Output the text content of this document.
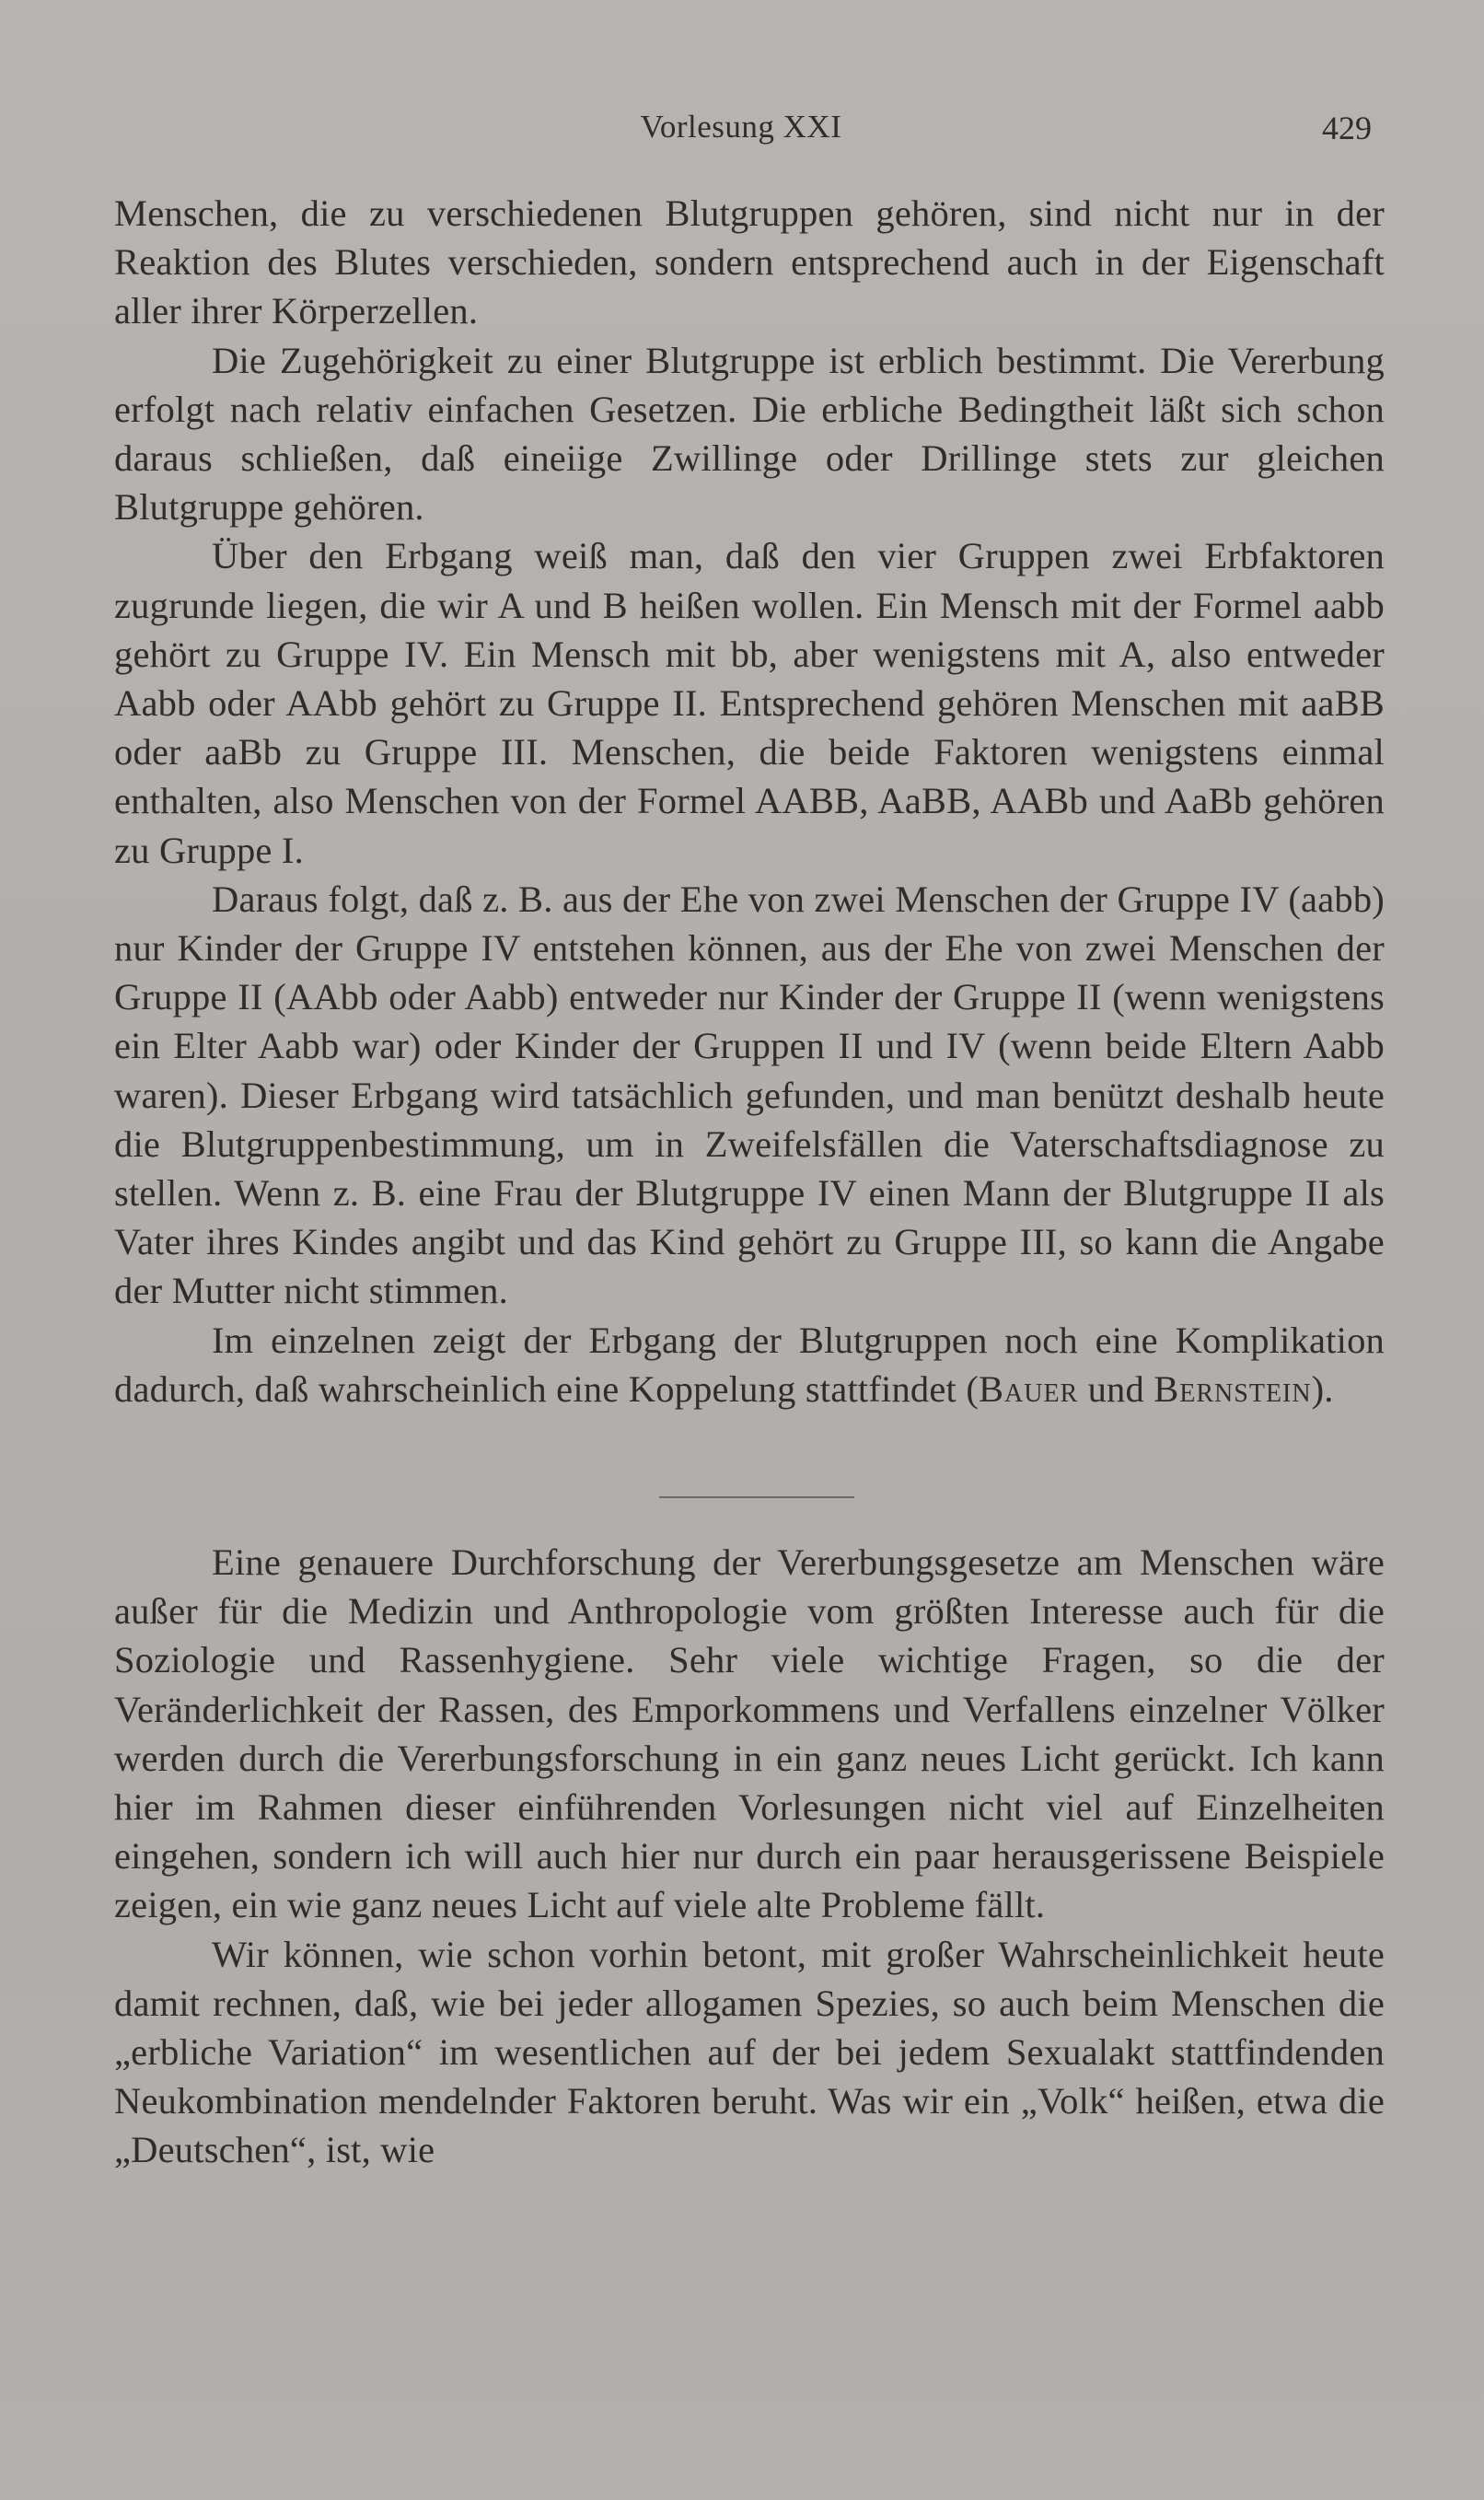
Vorlesung XXI	429

Menschen, die zu verschiedenen Blutgruppen gehören, sind nicht nur in der Reaktion des Blutes verschieden, sondern entsprechend auch in der Eigenschaft aller ihrer Körperzellen.

Die Zugehörigkeit zu einer Blutgruppe ist erblich bestimmt. Die Vererbung erfolgt nach relativ einfachen Gesetzen. Die erbliche Bedingtheit läßt sich schon daraus schließen, daß eineiige Zwillinge oder Drillinge stets zur gleichen Blutgruppe gehören.

Über den Erbgang weiß man, daß den vier Gruppen zwei Erbfaktoren zugrunde liegen, die wir A und B heißen wollen. Ein Mensch mit der Formel aabb gehört zu Gruppe IV. Ein Mensch mit bb, aber wenigstens mit A, also entweder Aabb oder AAbb gehört zu Gruppe II. Entsprechend gehören Menschen mit aaBB oder aaBb zu Gruppe III. Menschen, die beide Faktoren wenigstens einmal enthalten, also Menschen von der Formel AABB, AaBB, AABb und AaBb gehören zu Gruppe I.

Daraus folgt, daß z. B. aus der Ehe von zwei Menschen der Gruppe IV (aabb) nur Kinder der Gruppe IV entstehen können, aus der Ehe von zwei Menschen der Gruppe II (AAbb oder Aabb) entweder nur Kinder der Gruppe II (wenn wenigstens ein Elter Aabb war) oder Kinder der Gruppen II und IV (wenn beide Eltern Aabb waren). Dieser Erbgang wird tatsächlich gefunden, und man benützt deshalb heute die Blutgruppenbestimmung, um in Zweifelsfällen die Vaterschaftsdiagnose zu stellen. Wenn z. B. eine Frau der Blutgruppe IV einen Mann der Blutgruppe II als Vater ihres Kindes angibt und das Kind gehört zu Gruppe III, so kann die Angabe der Mutter nicht stimmen.

Im einzelnen zeigt der Erbgang der Blutgruppen noch eine Komplikation dadurch, daß wahrscheinlich eine Koppelung stattfindet (Bauer und Bernstein).

Eine genauere Durchforschung der Vererbungsgesetze am Menschen wäre außer für die Medizin und Anthropologie vom größten Interesse auch für die Soziologie und Rassenhygiene. Sehr viele wichtige Fragen, so die der Veränderlichkeit der Rassen, des Emporkommens und Verfallens einzelner Völker werden durch die Vererbungsforschung in ein ganz neues Licht gerückt. Ich kann hier im Rahmen dieser einführenden Vorlesungen nicht viel auf Einzelheiten eingehen, sondern ich will auch hier nur durch ein paar herausgerissene Beispiele zeigen, ein wie ganz neues Licht auf viele alte Probleme fällt.

Wir können, wie schon vorhin betont, mit großer Wahrscheinlichkeit heute damit rechnen, daß, wie bei jeder allogamen Spezies, so auch beim Menschen die „erbliche Variation“ im wesentlichen auf der bei jedem Sexualakt stattfindenden Neukombination mendelnder Faktoren beruht. Was wir ein „Volk“ heißen, etwa die „Deutschen“, ist, wie
